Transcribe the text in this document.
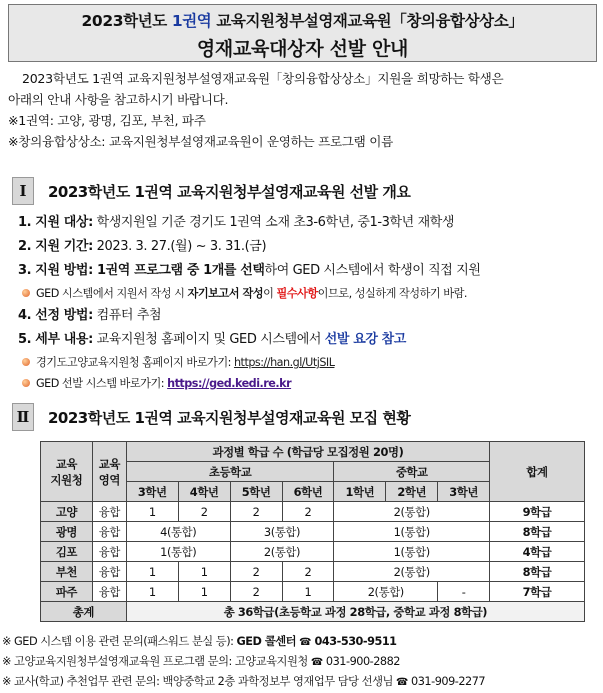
2023학년도 1권역 교육지원청부설영재교육원「창의융합상상소」
영재교육대상자 선발 안내

2023학년도 1권역 교육지원청부설영재교육원「창의융합상상소」지원을 희망하는 학생은

아래의 안내 사항을 참고하시기 바랍니다.

※1권역: 고양, 광명, 김포, 부천, 파주

※창의융합상상소: 교육지원청부설영재교육원이 운영하는 프로그램 이름

Ⅰ	2023학년도 1권역 교육지원청부설영재교육원 선발 개요
1. 지원 대상: 학생지원일 기준 경기도 1권역 소재 초3-6학년, 중1-3학년 재학생
2. 지원 기간: 2023. 3. 27.(월) ~ 3. 31.(금)
3. 지원 방법: 1권역 프로그램 중 1개를 선택하여 GED 시스템에서 학생이 직접 지원
GED 시스템에서 지원서 작성 시 자기보고서 작성이 필수사항이므로, 성실하게 작성하기 바람.
4. 선정 방법: 컴퓨터 추첨
5. 세부 내용: 교육지원청 홈페이지 및 GED 시스템에서 선발 요강 참고
경기도고양교육지원청 홈페이지 바로가기: https://han.gl/UtjSIL
GED 선발 시스템 바로가기: https://ged.kedi.re.kr
Ⅱ	2023학년도 1권역 교육지원청부설영재교육원 모집 현황
교육
지원청	교육
영역	과정별 학급 수 (학급당 모집정원 20명)							합계
		초등학교				중학교			
		3학년	4학년	5학년	6학년	1학년	2학년	3학년	
고양	융합	1	2	2	2	2(통합)			9학급
광명	융합	4(통합)		3(통합)		1(통합)			8학급
김포	융합	1(통합)		2(통합)		1(통합)			4학급
부천	융합	1	1	2	2	2(통합)			8학급
파주	융합	1	1	2	1	2(통합)		-	7학급
총계		총 36학급(초등학교 과정 28학급, 중학교 과정 8학급)							
※ GED 시스템 이용 관련 문의(패스워드 분실 등): GED 콜센터 ☎ 043-530-9511
※ 고양교육지원청부설영재교육원 프로그램 문의: 고양교육지원청 ☎ 031-900-2882
※ 교사(학교) 추천업무 관련 문의: 백양중학교 2층 과학정보부 영재업무 담당 선생님 ☎ 031-909-2277
